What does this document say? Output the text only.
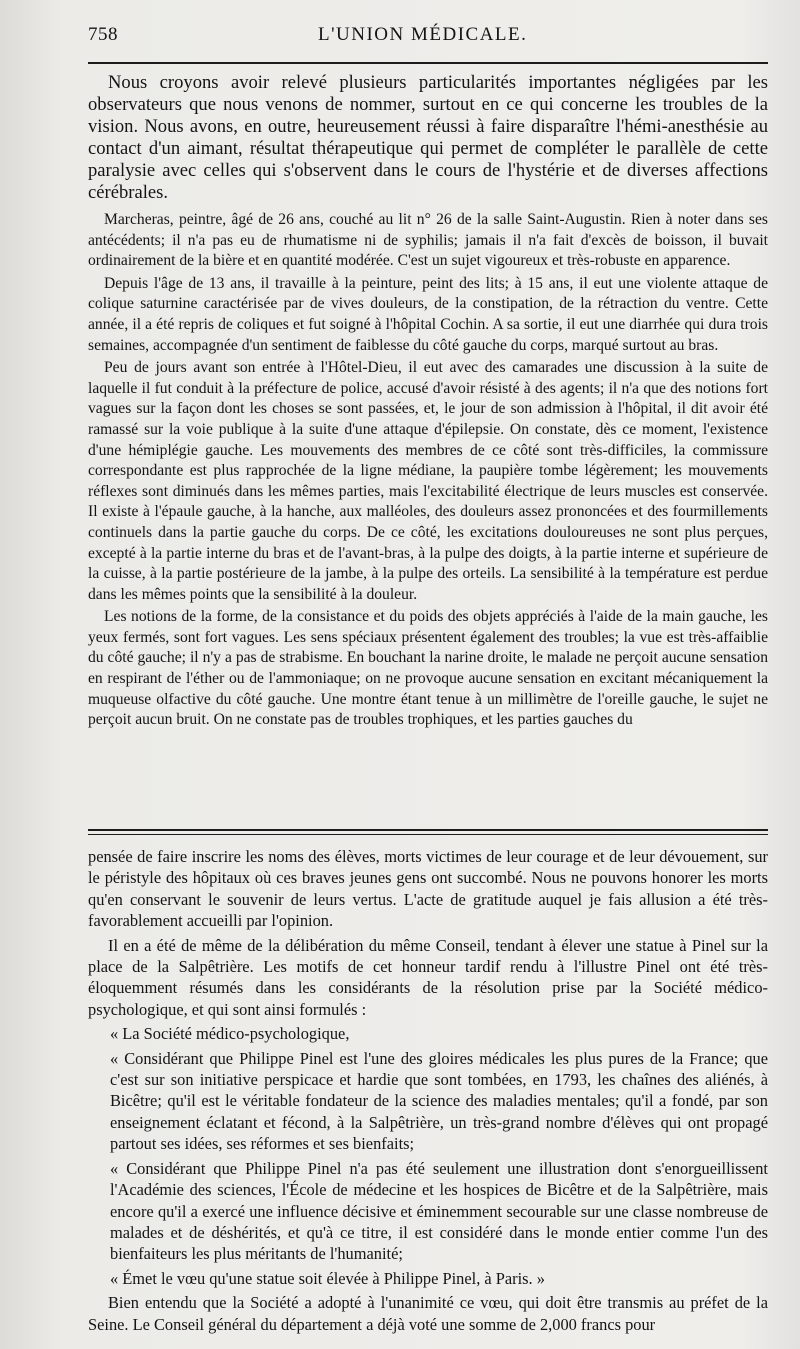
758	L'UNION MÉDICALE.

Nous croyons avoir relevé plusieurs particularités importantes négligées par les observateurs que nous venons de nommer, surtout en ce qui concerne les troubles de la vision. Nous avons, en outre, heureusement réussi à faire disparaître l'hémi-anesthésie au contact d'un aimant, résultat thérapeutique qui permet de compléter le parallèle de cette paralysie avec celles qui s'observent dans le cours de l'hystérie et de diverses affections cérébrales.

Marcheras, peintre, âgé de 26 ans, couché au lit n° 26 de la salle Saint-Augustin. Rien à noter dans ses antécédents; il n'a pas eu de rhumatisme ni de syphilis; jamais il n'a fait d'excès de boisson, il buvait ordinairement de la bière et en quantité modérée. C'est un sujet vigoureux et très-robuste en apparence.

Depuis l'âge de 13 ans, il travaille à la peinture, peint des lits; à 15 ans, il eut une violente attaque de colique saturnine caractérisée par de vives douleurs, de la constipation, de la rétraction du ventre. Cette année, il a été repris de coliques et fut soigné à l'hôpital Cochin. A sa sortie, il eut une diarrhée qui dura trois semaines, accompagnée d'un sentiment de faiblesse du côté gauche du corps, marqué surtout au bras.

Peu de jours avant son entrée à l'Hôtel-Dieu, il eut avec des camarades une discussion à la suite de laquelle il fut conduit à la préfecture de police, accusé d'avoir résisté à des agents; il n'a que des notions fort vagues sur la façon dont les choses se sont passées, et, le jour de son admission à l'hôpital, il dit avoir été ramassé sur la voie publique à la suite d'une attaque d'épilepsie. On constate, dès ce moment, l'existence d'une hémiplégie gauche. Les mouvements des membres de ce côté sont très-difficiles, la commissure correspondante est plus rapprochée de la ligne médiane, la paupière tombe légèrement; les mouvements réflexes sont diminués dans les mêmes parties, mais l'excitabilité électrique de leurs muscles est conservée. Il existe à l'épaule gauche, à la hanche, aux malléoles, des douleurs assez prononcées et des fourmillements continuels dans la partie gauche du corps. De ce côté, les excitations douloureuses ne sont plus perçues, excepté à la partie interne du bras et de l'avant-bras, à la pulpe des doigts, à la partie interne et supérieure de la cuisse, à la partie postérieure de la jambe, à la pulpe des orteils. La sensibilité à la température est perdue dans les mêmes points que la sensibilité à la douleur.

Les notions de la forme, de la consistance et du poids des objets appréciés à l'aide de la main gauche, les yeux fermés, sont fort vagues. Les sens spéciaux présentent également des troubles; la vue est très-affaiblie du côté gauche; il n'y a pas de strabisme. En bouchant la narine droite, le malade ne perçoit aucune sensation en respirant de l'éther ou de l'ammoniaque; on ne provoque aucune sensation en excitant mécaniquement la muqueuse olfactive du côté gauche. Une montre étant tenue à un millimètre de l'oreille gauche, le sujet ne perçoit aucun bruit. On ne constate pas de troubles trophiques, et les parties gauches du

pensée de faire inscrire les noms des élèves, morts victimes de leur courage et de leur dévouement, sur le péristyle des hôpitaux où ces braves jeunes gens ont succombé. Nous ne pouvons honorer les morts qu'en conservant le souvenir de leurs vertus. L'acte de gratitude auquel je fais allusion a été très-favorablement accueilli par l'opinion.

Il en a été de même de la délibération du même Conseil, tendant à élever une statue à Pinel sur la place de la Salpêtrière. Les motifs de cet honneur tardif rendu à l'illustre Pinel ont été très-éloquemment résumés dans les considérants de la résolution prise par la Société médico-psychologique, et qui sont ainsi formulés :

« La Société médico-psychologique,

« Considérant que Philippe Pinel est l'une des gloires médicales les plus pures de la France; que c'est sur son initiative perspicace et hardie que sont tombées, en 1793, les chaînes des aliénés, à Bicêtre; qu'il est le véritable fondateur de la science des maladies mentales; qu'il a fondé, par son enseignement éclatant et fécond, à la Salpêtrière, un très-grand nombre d'élèves qui ont propagé partout ses idées, ses réformes et ses bienfaits;

« Considérant que Philippe Pinel n'a pas été seulement une illustration dont s'enorgueillissent l'Académie des sciences, l'École de médecine et les hospices de Bicêtre et de la Salpêtrière, mais encore qu'il a exercé une influence décisive et éminemment secourable sur une classe nombreuse de malades et de déshérités, et qu'à ce titre, il est considéré dans le monde entier comme l'un des bienfaiteurs les plus méritants de l'humanité;

« Émet le vœu qu'une statue soit élevée à Philippe Pinel, à Paris. »

Bien entendu que la Société a adopté à l'unanimité ce vœu, qui doit être transmis au préfet de la Seine. Le Conseil général du département a déjà voté une somme de 2,000 francs pour
